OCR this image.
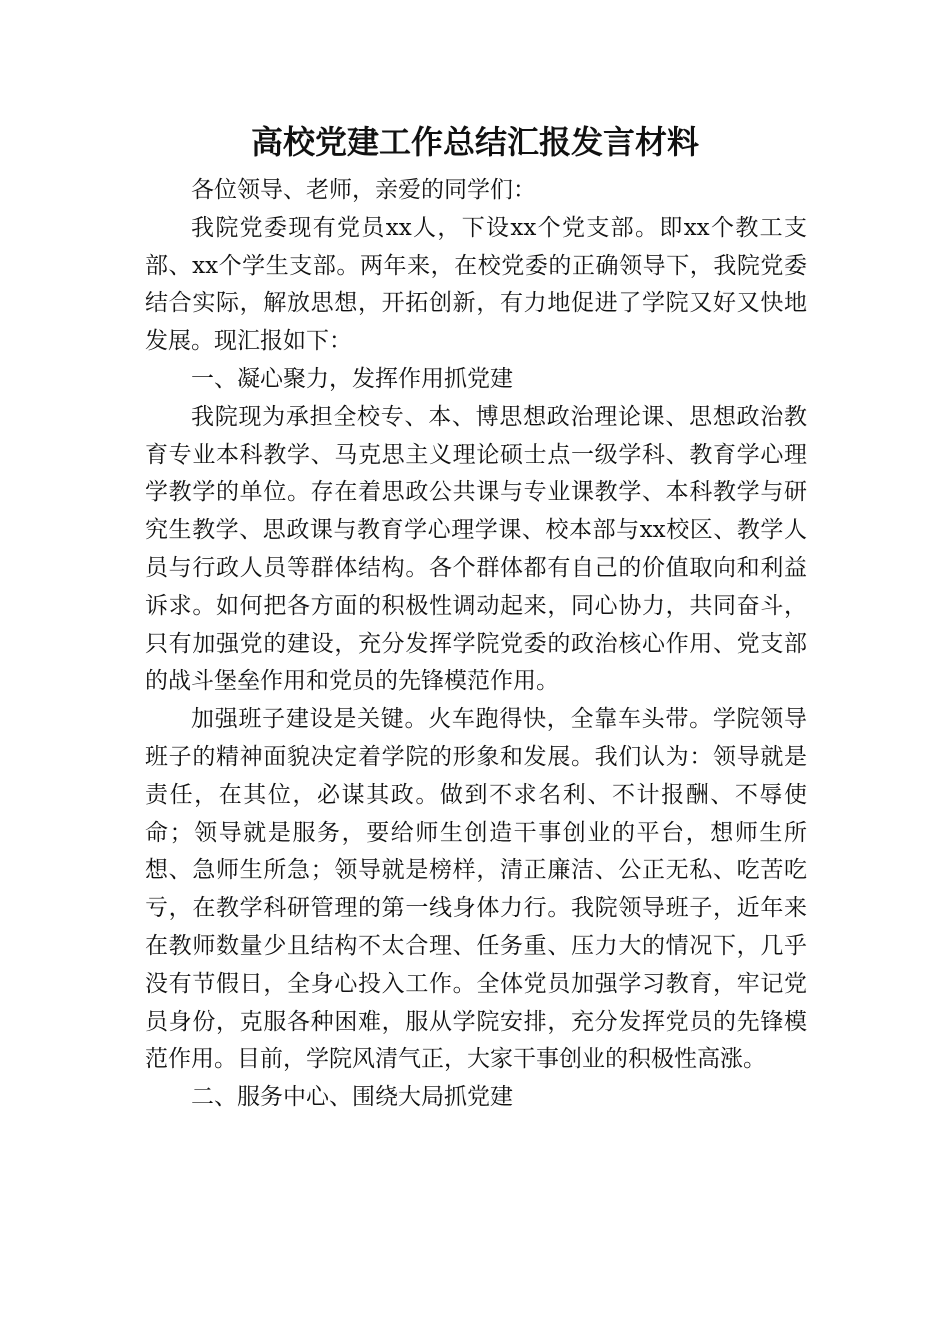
高校党建工作总结汇报发言材料

各位领导、老师，亲爱的同学们：

我院党委现有党员xx人，下设xx个党支部。即xx个教工支部、xx个学生支部。两年来，在校党委的正确领导下，我院党委结合实际，解放思想，开拓创新，有力地促进了学院又好又快地发展。现汇报如下：

一、凝心聚力，发挥作用抓党建

我院现为承担全校专、本、博思想政治理论课、思想政治教育专业本科教学、马克思主义理论硕士点一级学科、教育学心理学教学的单位。存在着思政公共课与专业课教学、本科教学与研究生教学、思政课与教育学心理学课、校本部与xx校区、教学人员与行政人员等群体结构。各个群体都有自己的价值取向和利益诉求。如何把各方面的积极性调动起来，同心协力，共同奋斗，只有加强党的建设，充分发挥学院党委的政治核心作用、党支部的战斗堡垒作用和党员的先锋模范作用。

加强班子建设是关键。火车跑得快，全靠车头带。学院领导班子的精神面貌决定着学院的形象和发展。我们认为：领导就是责任，在其位，必谋其政。做到不求名利、不计报酬、不辱使命；领导就是服务，要给师生创造干事创业的平台，想师生所想、急师生所急；领导就是榜样，清正廉洁、公正无私、吃苦吃亏，在教学科研管理的第一线身体力行。我院领导班子，近年来在教师数量少且结构不太合理、任务重、压力大的情况下，几乎没有节假日，全身心投入工作。全体党员加强学习教育，牢记党员身份，克服各种困难，服从学院安排，充分发挥党员的先锋模范作用。目前，学院风清气正，大家干事创业的积极性高涨。

二、服务中心、围绕大局抓党建
